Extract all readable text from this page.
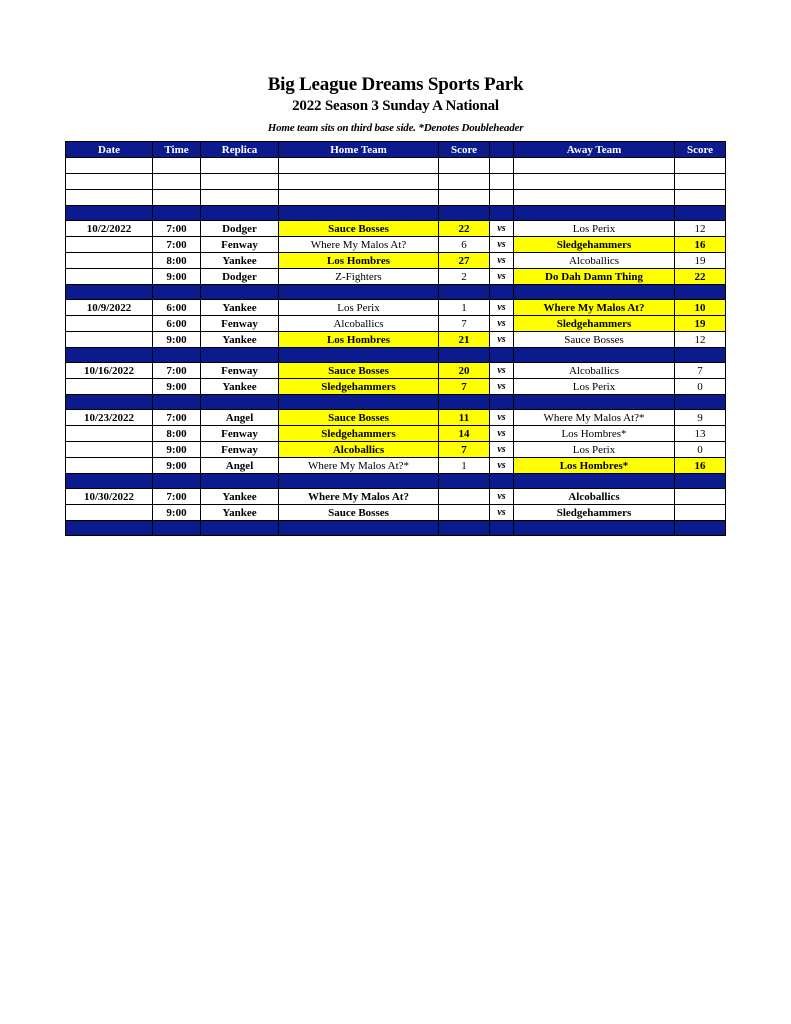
Big League Dreams Sports Park
2022 Season 3 Sunday A National
Home team sits on third base side. *Denotes Doubleheader
Date	Time	Replica	Home Team	Score		Away Team	Score

10/2/2022	7:00	Dodger	Sauce Bosses	22	vs	Los Perix	12
	7:00	Fenway	Where My Malos At?	6	vs	Sledgehammers	16
	8:00	Yankee	Los Hombres	27	vs	Alcoballics	19
	9:00	Dodger	Z-Fighters	2	vs	Do Dah Damn Thing	22

10/9/2022	6:00	Yankee	Los Perix	1	vs	Where My Malos At?	10
	6:00	Fenway	Alcoballics	7	vs	Sledgehammers	19
	9:00	Yankee	Los Hombres	21	vs	Sauce Bosses	12

10/16/2022	7:00	Fenway	Sauce Bosses	20	vs	Alcoballics	7
	9:00	Yankee	Sledgehammers	7	vs	Los Perix	0

10/23/2022	7:00	Angel	Sauce Bosses	11	vs	Where My Malos At?*	9
	8:00	Fenway	Sledgehammers	14	vs	Los Hombres*	13
	9:00	Fenway	Alcoballics	7	vs	Los Perix	0
	9:00	Angel	Where My Malos At?*	1	vs	Los Hombres*	16

10/30/2022	7:00	Yankee	Where My Malos At?		vs	Alcoballics	
	9:00	Yankee	Sauce Bosses		vs	Sledgehammers	
